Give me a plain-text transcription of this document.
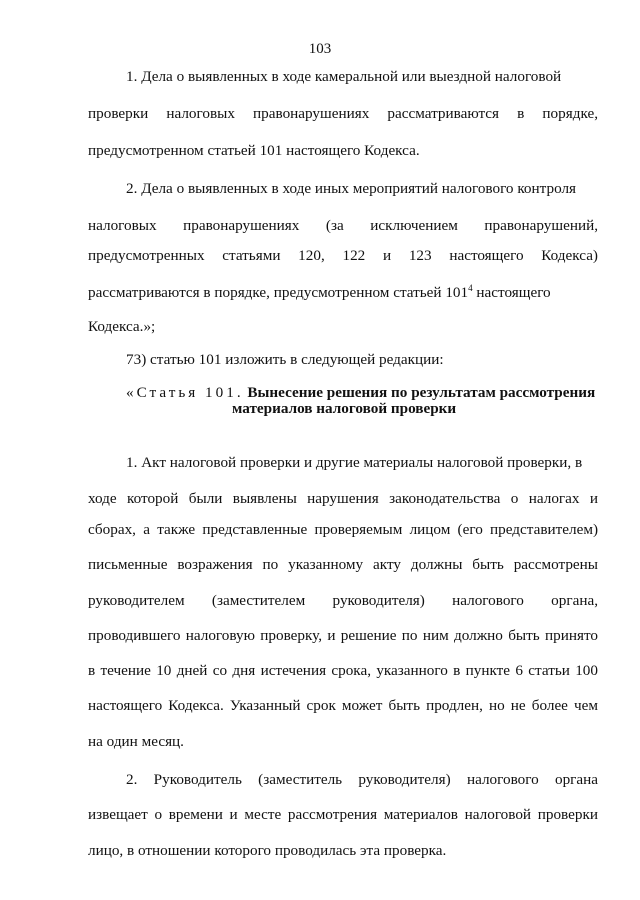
103
1. Дела о выявленных в ходе камеральной или выездной налоговой
проверки налоговых правонарушениях рассматриваются в порядке,
предусмотренном статьей 101 настоящего Кодекса.
2. Дела о выявленных в ходе иных мероприятий налогового контроля
налоговых правонарушениях (за исключением правонарушений,
предусмотренных статьями 120, 122 и 123 настоящего Кодекса)
рассматриваются в порядке, предусмотренном статьей $101^4$ настоящего
Кодекса.»;
73) статью 101 изложить в следующей редакции:
«Статья 101. Вынесение решения по результатам рассмотрения
материалов налоговой проверки
1. Акт налоговой проверки и другие материалы налоговой проверки, в
ходе которой были выявлены нарушения законодательства о налогах и
сборах, а также представленные проверяемым лицом (его представителем)
письменные возражения по указанному акту должны быть рассмотрены
руководителем (заместителем руководителя) налогового органа,
проводившего налоговую проверку, и решение по ним должно быть принято
в течение 10 дней со дня истечения срока, указанного в пункте 6 статьи 100
настоящего Кодекса. Указанный срок может быть продлен, но не более чем
на один месяц.
2. Руководитель (заместитель руководителя) налогового органа
извещает о времени и месте рассмотрения материалов налоговой проверки
лицо, в отношении которого проводилась эта проверка.
